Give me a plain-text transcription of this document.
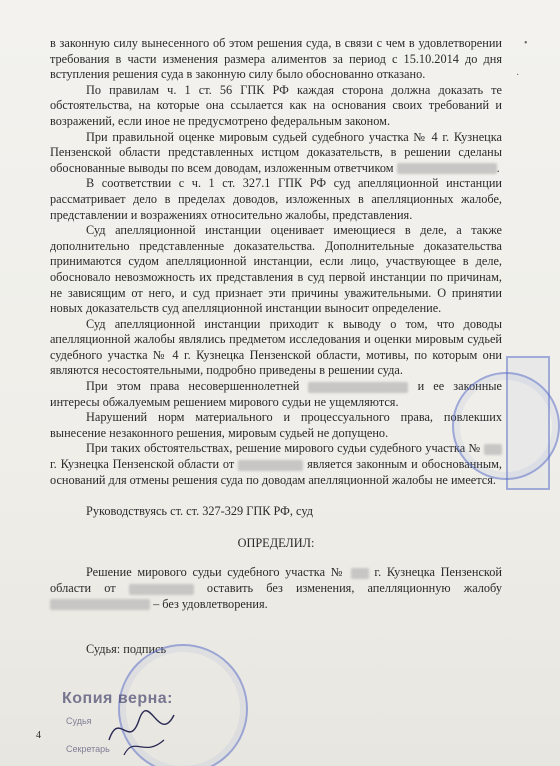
•
·

в законную силу вынесенного об этом решения суда, в связи с чем в удовлетворении требования в части изменения размера алиментов за период с 15.10.2014 до дня вступления решения суда в законную силу было обоснованно отказано.

По правилам ч. 1 ст. 56 ГПК РФ каждая сторона должна доказать те обстоятельства, на которые она ссылается как на основания своих требований и возражений, если иное не предусмотрено федеральным законом.

При правильной оценке мировым судьей судебного участка № 4 г. Кузнецка Пензенской области представленных истцом доказательств, в решении сделаны обоснованные выводы по всем доводам, изложенным ответчиком	.

В соответствии с ч. 1 ст. 327.1 ГПК РФ суд апелляционной инстанции рассматривает дело в пределах доводов, изложенных в апелляционных жалобе, представлении и возражениях относительно жалобы, представления.

Суд апелляционной инстанции оценивает имеющиеся в деле, а также дополнительно представленные доказательства. Дополнительные доказательства принимаются судом апелляционной инстанции, если лицо, участвующее в деле, обосновало невозможность их представления в суд первой инстанции по причинам, не зависящим от него, и суд признает эти причины уважительными. О принятии новых доказательств суд апелляционной инстанции выносит определение.

Суд апелляционной инстанции приходит к выводу о том, что доводы апелляционной жалобы являлись предметом исследования и оценки мировым судьей судебного участка № 4 г. Кузнецка Пензенской области, мотивы, по которым они являются несостоятельными, подробно приведены в решении суда.

При этом права несовершеннолетней	и ее законные интересы обжалуемым решением мирового судьи не ущемляются.

Нарушений норм материального и процессуального права, повлекших вынесение незаконного решения, мировым судьей не допущено.

При таких обстоятельствах, решение мирового судьи судебного участка №  г. Кузнецка Пензенской области от	является законным и обоснованным, оснований для отмены решения суда по доводам апелляционной жалобы не имеется.

Руководствуясь ст. ст. 327-329 ГПК РФ, суд

ОПРЕДЕЛИЛ:

Решение мирового судьи судебного участка № г. Кузнецка Пензенской области от	оставить без изменения, апелляционную жалобу  – без удовлетворения.

Судья: подпись

Копия верна:
Судья
Секретарь
4
